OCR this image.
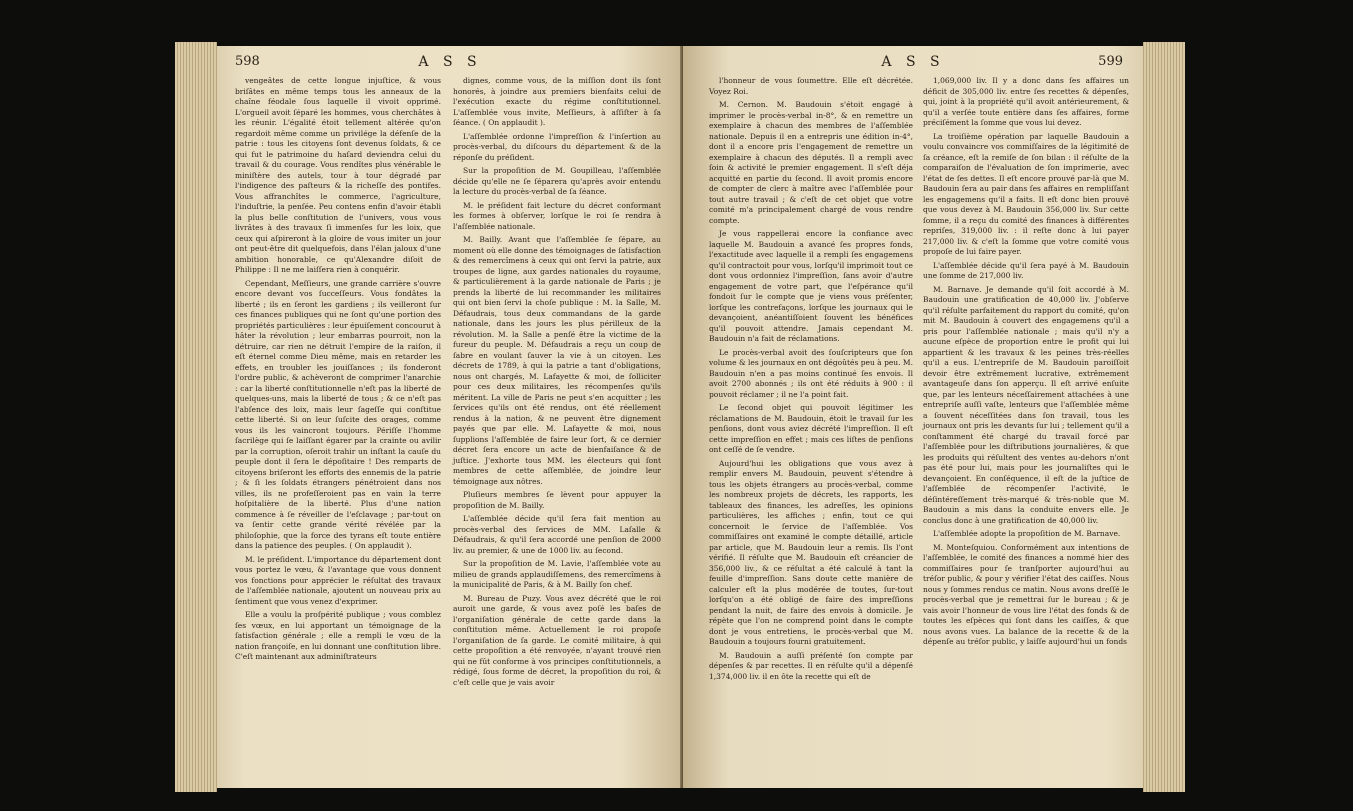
598	A S S

vengeâtes de cette longue injuſtice, & vous briſâtes en même temps tous les anneaux de la chaîne féodale ſous laquelle il vivoit opprimé. L'orgueil avoit ſéparé les hommes, vous cherchâtes à les réunir. L'égalité étoit tellement altérée qu'on regardoit même comme un privilége la défenſe de la patrie : tous les citoyens ſont devenus ſoldats, & ce qui fut le patrimoine du haſard deviendra celui du travail & du courage. Vous rendîtes plus vénérable le miniſtère des autels, tour à tour dégradé par l'indigence des paſteurs & la richeſſe des pontifes. Vous affranchîtes le commerce, l'agriculture, l'induſtrie, la penſée. Peu contens enfin d'avoir établi la plus belle conſtitution de l'univers, vous vous livrâtes à des travaux ſi immenſes ſur les loix, que ceux qui aſpireront à la gloire de vous imiter un jour ont peut-être dit quelquefois, dans l'élan jaloux d'une ambition honorable, ce qu'Alexandre diſoit de Philippe : Il ne me laiſſera rien à conquérir.

Cependant, Meſſieurs, une grande carrière s'ouvre encore devant vos ſucceſſeurs. Vous fondâtes la liberté ; ils en ſeront les gardiens ; ils veilleront ſur ces finances publiques qui ne ſont qu'une portion des propriétés particulières : leur épuiſement concourut à hâter la révolution ; leur embarras pourroit, non la détruire, car rien ne détruit l'empire de la raiſon, il eſt éternel comme Dieu même, mais en retarder les effets, en troubler les jouiſſances ; ils fonderont l'ordre public, & achèveront de comprimer l'anarchie : car la liberté conſtitutionnelle n'eſt pas la liberté de quelques-uns, mais la liberté de tous ; & ce n'eſt pas l'abſence des loix, mais leur ſageſſe qui conſtitue cette liberté. Si on leur ſuſcite des orages, comme vous ils les vaincront toujours. Périſſe l'homme ſacrilège qui ſe laiſſant égarer par la crainte ou avilir par la corruption, oſeroit trahir un inſtant la cauſe du peuple dont il ſera le dépoſitaire ! Des remparts de citoyens briſeront les efforts des ennemis de la patrie ; & ſi les ſoldats étrangers pénétroient dans nos villes, ils ne profeſſeroient pas en vain la terre hoſpitalière de la liberté. Plus d'une nation commence à ſe réveiller de l'eſclavage ; par-tout on va ſentir cette grande vérité révélée par la philoſophie, que la force des tyrans eſt toute entière dans la patience des peuples. ( On applaudit ).

M. le préſident. L'importance du département dont vous portez le vœu, & l'avantage que vous donnent vos fonctions pour apprécier le réſultat des travaux de l'aſſemblée nationale, ajoutent un nouveau prix au ſentiment que vous venez d'exprimer.

Elle a voulu la proſpérité publique ; vous comblez ſes vœux, en lui apportant un témoignage de la ſatisfaction générale ; elle a rempli le vœu de la nation françoiſe, en lui donnant une conſtitution libre. C'eſt maintenant aux adminiſtrateurs

dignes, comme vous, de la miſſion dont ils ſont honorés, à joindre aux premiers bienfaits celui de l'exécution exacte du régime conſtitutionnel. L'aſſemblée vous invite, Meſſieurs, à aſſiſter à ſa ſéance. ( On applaudit ).

L'aſſemblée ordonne l'impreſſion & l'inſertion au procès-verbal, du diſcours du département & de la réponſe du préſident.

Sur la propoſition de M. Goupilleau, l'aſſemblée décide qu'elle ne ſe ſéparera qu'après avoir entendu la lecture du procès-verbal de ſa ſéance.

M. le préſident fait lecture du décret conformant les formes à obſerver, lorſque le roi ſe rendra à l'aſſemblée nationale.

M. Bailly. Avant que l'aſſemblée ſe ſépare, au moment où elle donne des témoignages de ſatisfaction & des remercîmens à ceux qui ont ſervi la patrie, aux troupes de ligne, aux gardes nationales du royaume, & particulièrement à la garde nationale de Paris ; je prends la liberté de lui recommander les militaires qui ont bien ſervi la choſe publique : M. la Salle, M. Défaudrais, tous deux commandans de la garde nationale, dans les jours les plus périlleux de la révolution. M. la Salle a penſé être la victime de la fureur du peuple. M. Défaudrais a reçu un coup de ſabre en voulant ſauver la vie à un citoyen. Les décrets de 1789, à qui la patrie a tant d'obligations, nous ont chargés, M. Lafayette & moi, de ſolliciter pour ces deux militaires, les récompenſes qu'ils méritent. La ville de Paris ne peut s'en acquitter ; les ſervices qu'ils ont été rendus, ont été réellement rendus à la nation, & ne peuvent être dignement payés que par elle. M. Lafayette & moi, nous ſupplions l'aſſemblée de faire leur ſort, & ce dernier décret ſera encore un acte de bienfaiſance & de juſtice. J'exhorte tous MM. les électeurs qui ſont membres de cette aſſemblée, de joindre leur témoignage aux nôtres.

Pluſieurs membres ſe lèvent pour appuyer la propoſition de M. Bailly.

L'aſſemblée décide qu'il ſera fait mention au procès-verbal des ſervices de MM. Laſalle & Défaudrais, & qu'il ſera accordé une penſion de 2000 liv. au premier, & une de 1000 liv. au ſecond.

Sur la propoſition de M. Lavie, l'aſſemblée vote au milieu de grands applaudiſſemens, des remercîmens à la municipalité de Paris, & à M. Bailly ſon chef.

M. Bureau de Puzy. Vous avez décrété que le roi auroit une garde, & vous avez poſé les baſes de l'organiſation générale de cette garde dans la conſtitution même. Actuellement le roi propoſe l'organiſation de ſa garde. Le comité militaire, à qui cette propoſition a été renvoyée, n'ayant trouvé rien qui ne fût conforme à vos principes conſtitutionnels, a rédigé, ſous forme de décret, la propoſition du roi, & c'eſt celle que je vais avoir

A S S	599

l'honneur de vous ſoumettre. Elle eſt décrétée. Voyez Roi.

M. Cernon. M. Baudouin s'étoit engagé à imprimer le procès-verbal in-8°, & en remettre un exemplaire à chacun des membres de l'aſſemblée nationale. Depuis il en a entrepris une édition in-4°, dont il a encore pris l'engagement de remettre un exemplaire à chacun des députés. Il a rempli avec ſoin & activité le premier engagement. Il s'eſt déja acquitté en partie du ſecond. Il avoit promis encore de compter de clerc à maître avec l'aſſemblée pour tout autre travail ; & c'eſt de cet objet que votre comité m'a principalement chargé de vous rendre compte.

Je vous rappellerai encore la confiance avec laquelle M. Baudouin a avancé ſes propres fonds, l'exactitude avec laquelle il a rempli ſes engagemens qu'il contractoit pour vous, lorſqu'il imprimoit tout ce dont vous ordonniez l'impreſſion, ſans avoir d'autre engagement de votre part, que l'eſpérance qu'il fondoit ſur le compte que je viens vous préſenter, lorſque les contrefaçons, lorſque les journaux qui le devançoient, anéantiſſoient ſouvent les bénéfices qu'il pouvoit attendre. Jamais cependant M. Baudouin n'a fait de réclamations.

Le procès-verbal avoit des ſouſcripteurs que ſon volume & les journaux en ont dégoûtés peu à peu. M. Baudouin n'en a pas moins continué ſes envois. Il avoit 2700 abonnés ; ils ont été réduits à 900 : il pouvoit réclamer ; il ne l'a point fait.

Le ſecond objet qui pouvoit légitimer les réclamations de M. Baudouin, étoit le travail ſur les penſions, dont vous aviez décrété l'impreſſion. Il eſt cette impreſſion en effet ; mais ces liſtes de penſions ont ceſſé de ſe vendre.

Aujourd'hui les obligations que vous avez à remplir envers M. Baudouin, peuvent s'étendre à tous les objets étrangers au procès-verbal, comme les nombreux projets de décrets, les rapports, les tableaux des finances, les adreſſes, les opinions particulières, les affiches ; enfin, tout ce qui concernoit le ſervice de l'aſſemblée. Vos commiſſaires ont examiné le compte détaillé, article par article, que M. Baudouin leur a remis. Ils l'ont vérifié. Il réſulte que M. Baudouin eſt créancier de 356,000 liv., & ce réſultat a été calculé à tant la feuille d'impreſſion. Sans doute cette manière de calculer eſt la plus modérée de toutes, ſur-tout lorſqu'on a été obligé de faire des impreſſions pendant la nuit, de faire des envois à domicile. Je répète que l'on ne comprend point dans le compte dont je vous entretiens, le procès-verbal que M. Baudouin a toujours fourni gratuitement.

M. Baudouin a auſſi préſenté ſon compte par dépenſes & par recettes. Il en réſulte qu'il a dépenſé 1,374,000 liv. il en ôte la recette qui eſt de

1,069,000 liv. Il y a donc dans ſes affaires un déficit de 305,000 liv. entre ſes recettes & dépenſes, qui, joint à la propriété qu'il avoit antérieurement, & qu'il a verſée toute entière dans ſes affaires, forme préciſément la ſomme que vous lui devez.

La troiſième opération par laquelle Baudouin a voulu convaincre vos commiſſaires de la légitimité de ſa créance, eſt la remiſe de ſon bilan : il réſulte de la comparaiſon de l'évaluation de ſon imprimerie, avec l'état de ſes dettes. Il eſt encore prouvé par-là que M. Baudouin ſera au pair dans ſes affaires en rempliſſant les engagemens qu'il a faits. Il eſt donc bien prouvé que vous devez à M. Baudouin 356,000 liv. Sur cette ſomme, il a reçu du comité des finances à différentes repriſes, 319,000 liv. : il reſte donc à lui payer 217,000 liv. & c'eſt la ſomme que votre comité vous propoſe de lui faire payer.

L'aſſemblée décide qu'il ſera payé à M. Baudouin une ſomme de 217,000 liv.

M. Barnave. Je demande qu'il ſoit accordé à M. Baudouin une gratification de 40,000 liv. J'obſerve qu'il réſulte parfaitement du rapport du comité, qu'on mit M. Baudouin à couvert des engagemens qu'il a pris pour l'aſſemblée nationale ; mais qu'il n'y a aucune eſpèce de proportion entre le profit qui lui appartient & les travaux & les peines très-réelles qu'il a eus. L'entrepriſe de M. Baudouin paroiſſoit devoir être extrêmement lucrative, extrêmement avantageuſe dans ſon apperçu. Il eſt arrivé enſuite que, par les lenteurs néceſſairement attachées à une entrepriſe auſſi vaſte, lenteurs que l'aſſemblée même a ſouvent néceſſitées dans ſon travail, tous les journaux ont pris les devants ſur lui ; tellement qu'il a conſtamment été chargé du travail forcé par l'aſſemblée pour les diſtributions journalières, & que les produits qui réſultent des ventes au-dehors n'ont pas été pour lui, mais pour les journaliſtes qui le devançoient. En conſéquence, il eſt de la juſtice de l'aſſemblée de récompenſer l'activité, le déſintéreſſement très-marqué & très-noble que M. Baudouin a mis dans la conduite envers elle. Je conclus donc à une gratification de 40,000 liv.

L'aſſemblée adopte la propoſition de M. Barnave.

M. Monteſquiou. Conformément aux intentions de l'aſſemblée, le comité des finances a nommé hier des commiſſaires pour ſe tranſporter aujourd'hui au tréſor public, & pour y vérifier l'état des caiſſes. Nous nous y ſommes rendus ce matin. Nous avons dreſſé le procès-verbal que je remettrai ſur le bureau ; & je vais avoir l'honneur de vous lire l'état des fonds & de toutes les eſpèces qui ſont dans les caiſſes, & que nous avons vues. La balance de la recette & de la dépenſe au tréſor public, y laiſſe aujourd'hui un fonds
